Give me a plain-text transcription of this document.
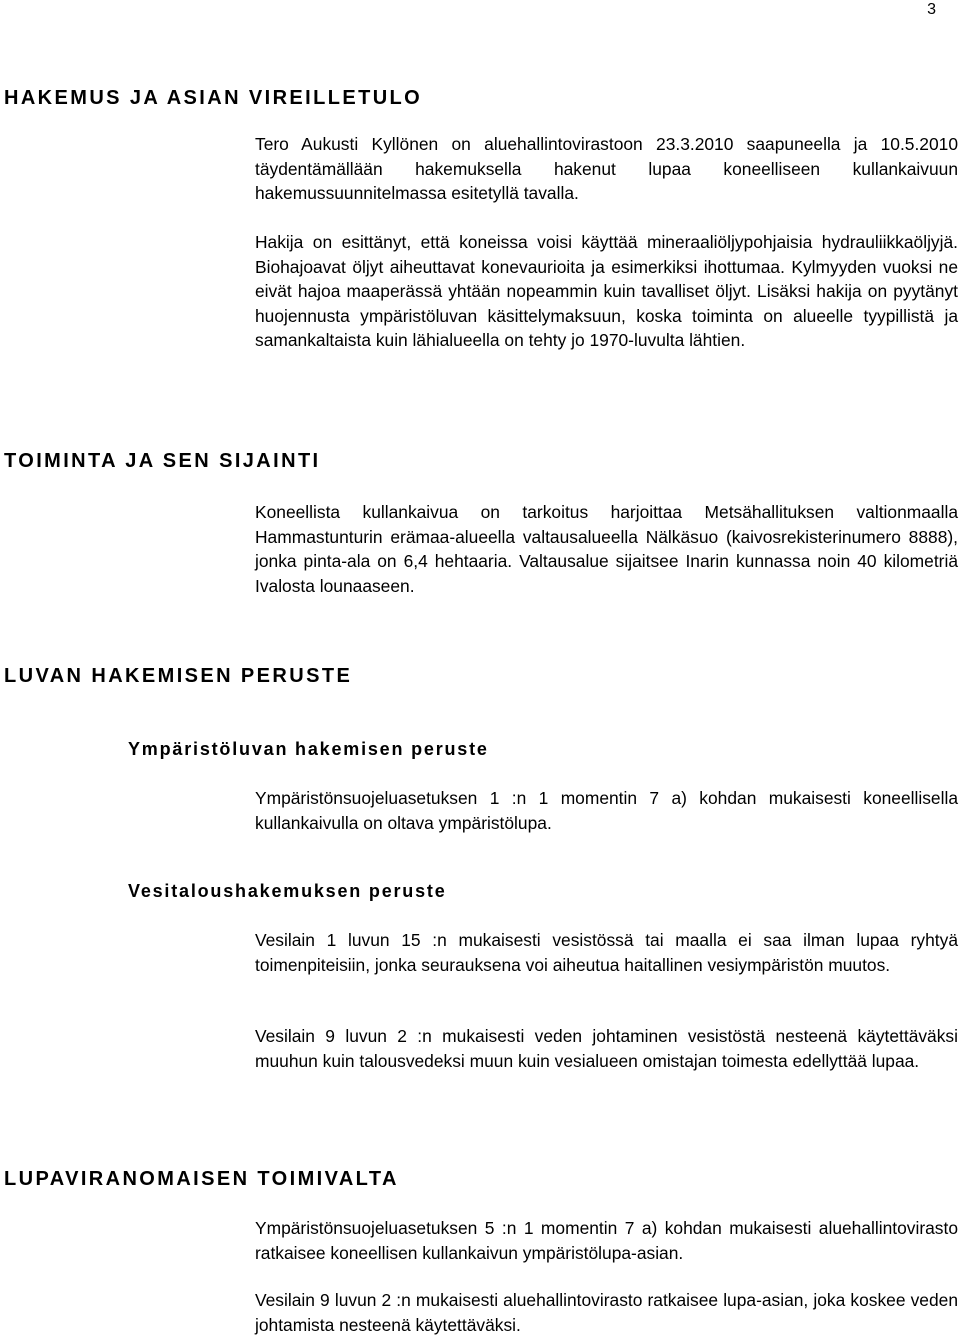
3
HAKEMUS JA ASIAN VIREILLETULO

Tero Aukusti Kyllönen on aluehallintovirastoon 23.3.2010 saapuneella ja 10.5.2010 täydentämällään hakemuksella hakenut lupaa koneelliseen kullankaivuun hakemussuunnitelmassa esitetyllä tavalla.

Hakija on esittänyt, että koneissa voisi käyttää mineraaliöljypohjaisia hydrauliikkaöljyjä. Biohajoavat öljyt aiheuttavat konevaurioita ja esimerkiksi ihottumaa. Kylmyyden vuoksi ne eivät hajoa maaperässä yhtään nopeammin kuin tavalliset öljyt. Lisäksi hakija on pyytänyt huojennusta ympäristöluvan käsittelymaksuun, koska toiminta on alueelle tyypillistä ja samankaltaista kuin lähialueella on tehty jo 1970-luvulta lähtien.

TOIMINTA JA SEN SIJAINTI

Koneellista kullankaivua on tarkoitus harjoittaa Metsähallituksen valtionmaalla Hammastunturin erämaa-alueella valtausalueella Nälkäsuo (kaivosrekisterinumero 8888), jonka pinta-ala on 6,4 hehtaaria. Valtausalue sijaitsee Inarin kunnassa noin 40 kilometriä Ivalosta lounaaseen.

LUVAN HAKEMISEN PERUSTE
Ympäristöluvan hakemisen peruste

Ympäristönsuojeluasetuksen 1 :n 1 momentin 7 a) kohdan mukaisesti koneellisella kullankaivulla on oltava ympäristölupa.

Vesitaloushakemuksen peruste

Vesilain 1 luvun 15 :n mukaisesti vesistössä tai maalla ei saa ilman lupaa ryhtyä toimenpiteisiin, jonka seurauksena voi aiheutua haitallinen vesiympäristön muutos.

Vesilain 9 luvun 2 :n mukaisesti veden johtaminen vesistöstä nesteenä käytettäväksi muuhun kuin talousvedeksi muun kuin vesialueen omistajan toimesta edellyttää lupaa.

LUPAVIRANOMAISEN TOIMIVALTA

Ympäristönsuojeluasetuksen 5 :n 1 momentin 7 a) kohdan mukaisesti aluehallintovirasto ratkaisee koneellisen kullankaivun ympäristölupa-asian.

Vesilain 9 luvun 2 :n mukaisesti aluehallintovirasto ratkaisee lupa-asian, joka koskee veden johtamista nesteenä käytettäväksi.
